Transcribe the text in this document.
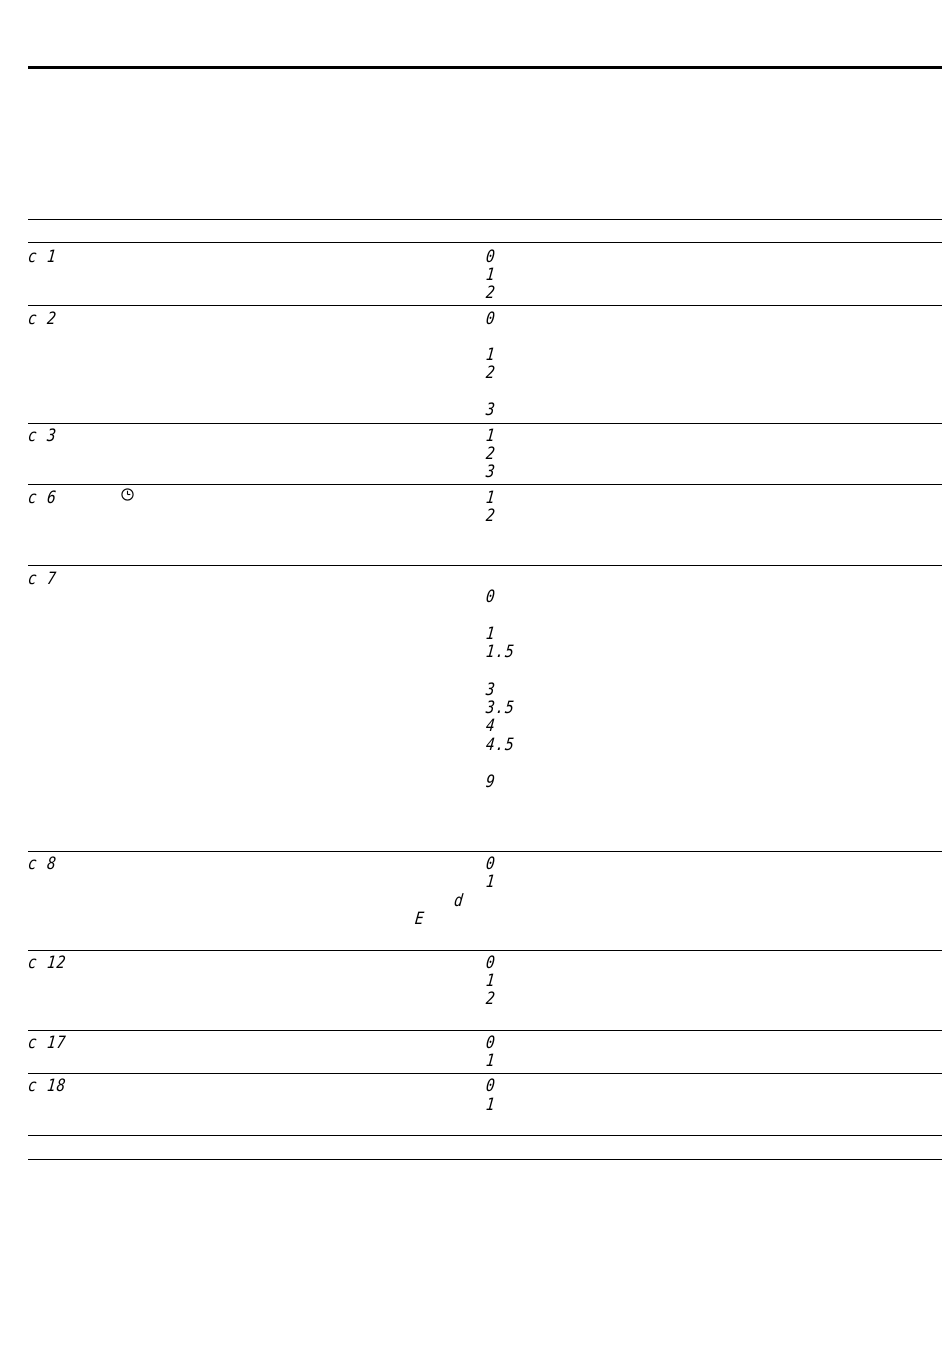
c 1	0
1
2
c 2	0
1
2
3
c 3	1
2
3
c 6	1
2
c 7
0
1
1.5
3
3.5
4
4.5
9
c 8	0
1
d
E
c 12	0
1
2
c 17	0
1
c 18	0
1
